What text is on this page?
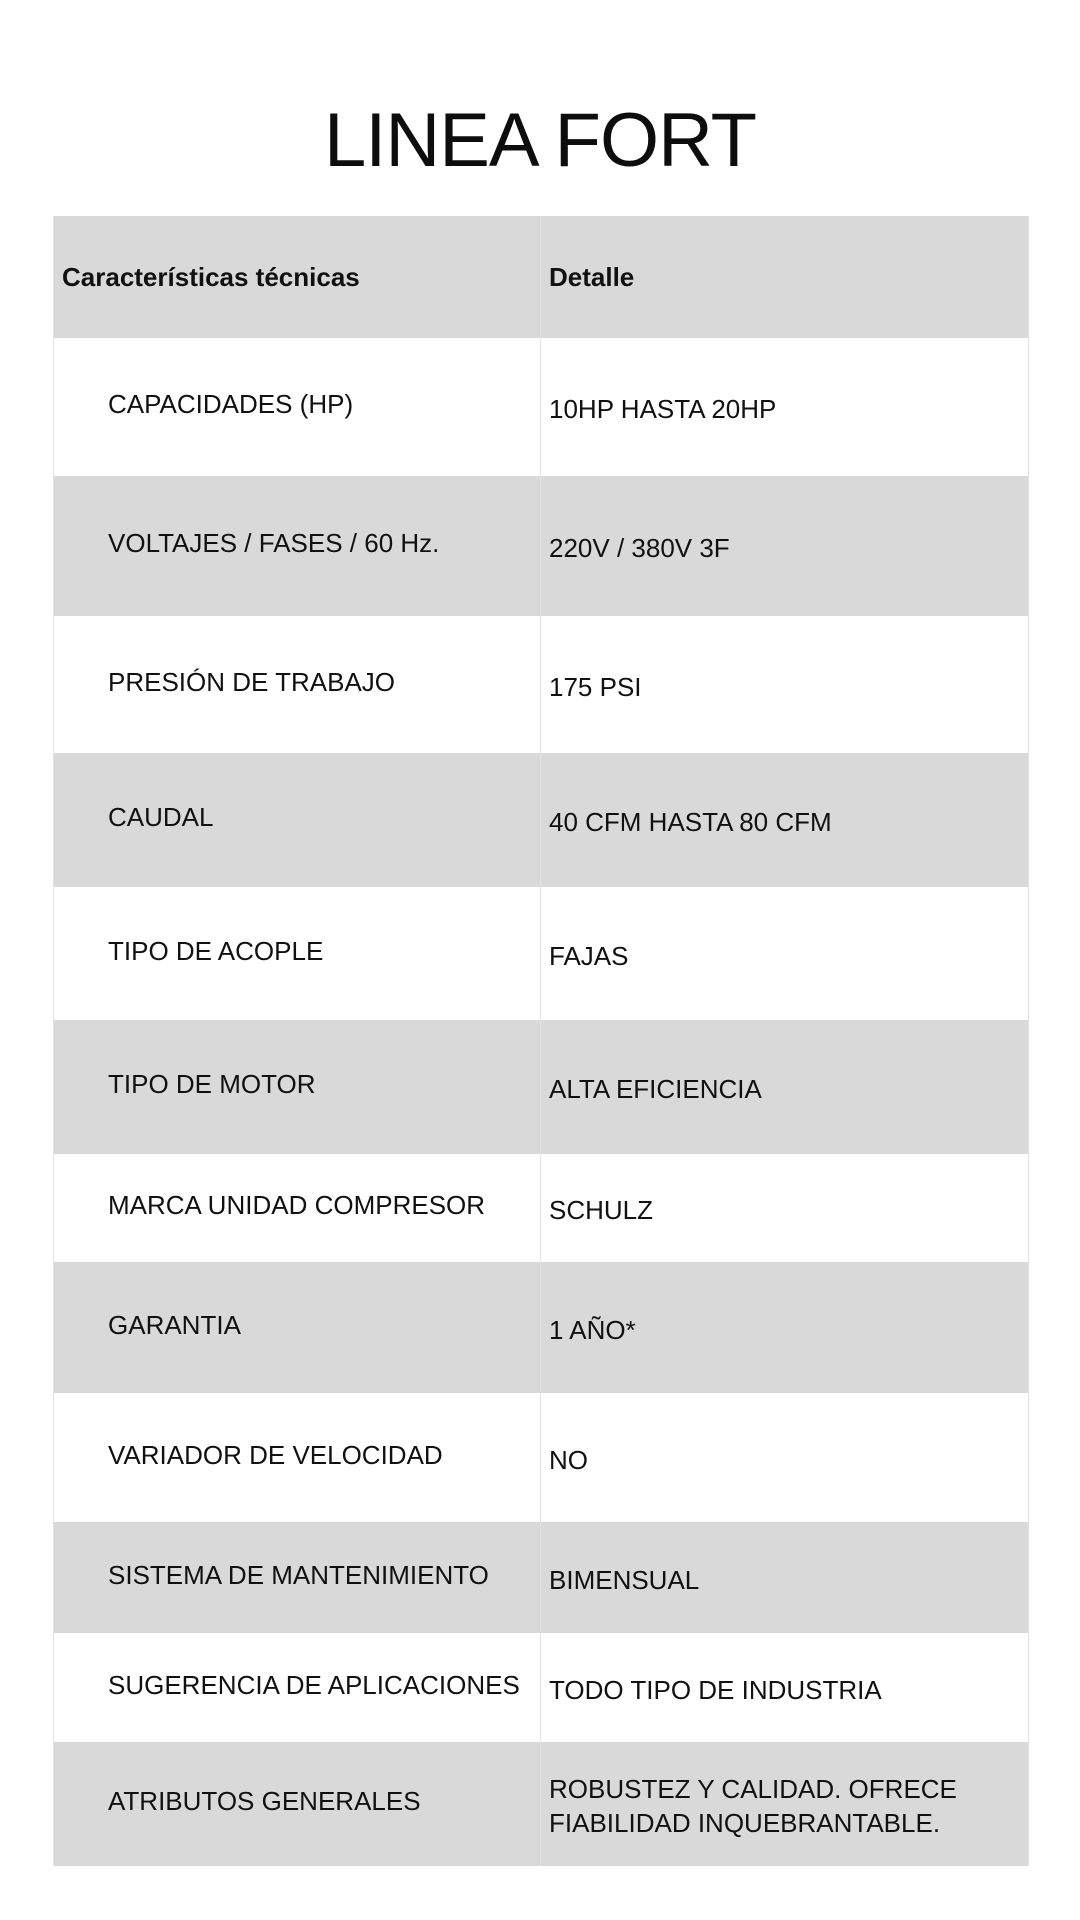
LINEA FORT
Características técnicas	Detalle
CAPACIDADES (HP)	10HP HASTA 20HP
VOLTAJES / FASES / 60 Hz.	220V / 380V 3F
PRESIÓN DE TRABAJO	175 PSI
CAUDAL	40 CFM HASTA 80 CFM
TIPO DE ACOPLE	FAJAS
TIPO DE MOTOR	ALTA EFICIENCIA
MARCA UNIDAD COMPRESOR	SCHULZ
GARANTIA	1 AÑO*
VARIADOR DE VELOCIDAD	NO
SISTEMA DE MANTENIMIENTO	BIMENSUAL
SUGERENCIA DE APLICACIONES	TODO TIPO DE INDUSTRIA
ATRIBUTOS GENERALES	ROBUSTEZ Y CALIDAD. OFRECE FIABILIDAD INQUEBRANTABLE.
